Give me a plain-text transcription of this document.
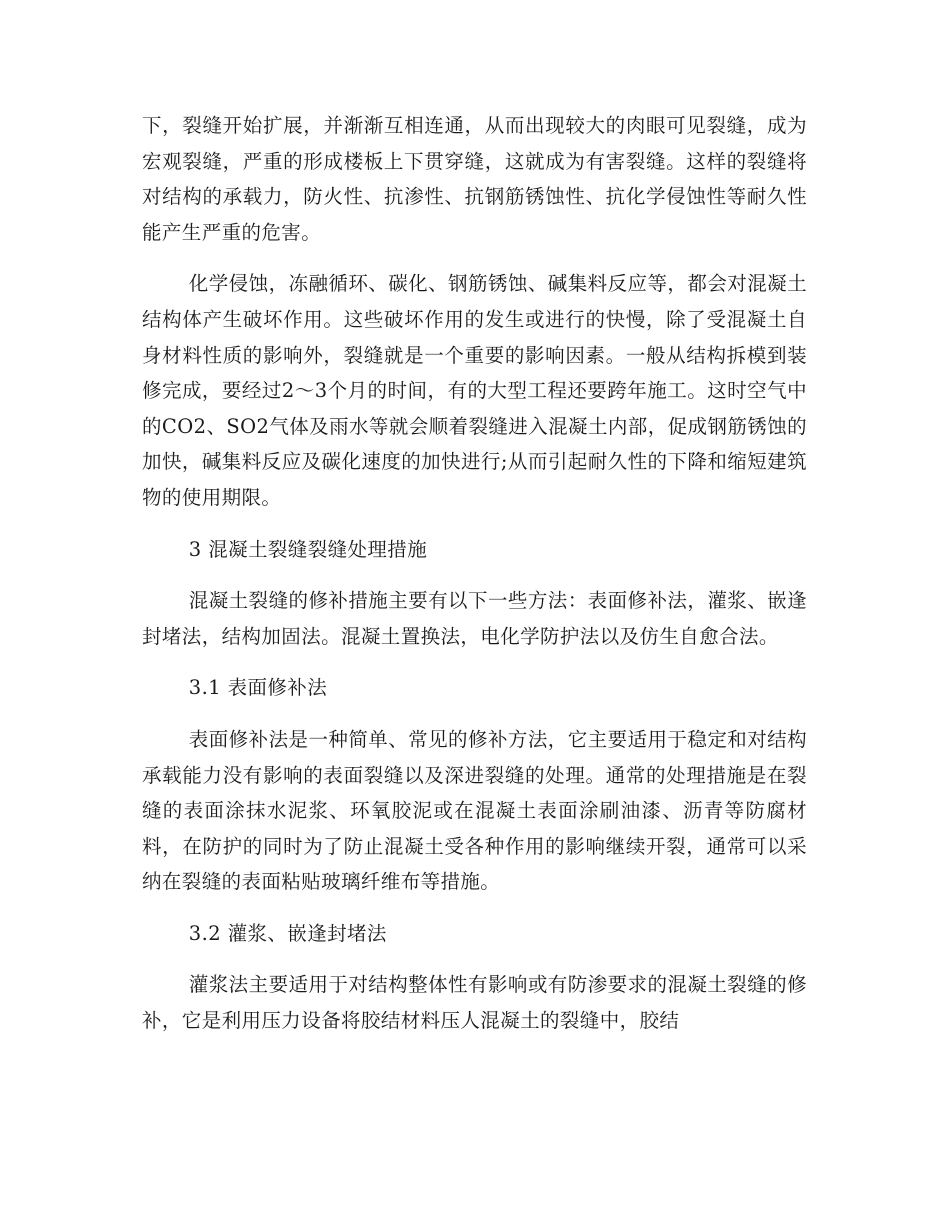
下，裂缝开始扩展，并渐渐互相连通，从而出现较大的肉眼可见裂缝，成为宏观裂缝，严重的形成楼板上下贯穿缝，这就成为有害裂缝。这样的裂缝将对结构的承载力，防火性、抗渗性、抗钢筋锈蚀性、抗化学侵蚀性等耐久性能产生严重的危害。

化学侵蚀，冻融循环、碳化、钢筋锈蚀、碱集料反应等，都会对混凝土结构体产生破坏作用。这些破坏作用的发生或进行的快慢，除了受混凝土自身材料性质的影响外，裂缝就是一个重要的影响因素。一般从结构拆模到装修完成，要经过2～3个月的时间，有的大型工程还要跨年施工。这时空气中的CO2、SO2气体及雨水等就会顺着裂缝进入混凝土内部，促成钢筋锈蚀的加快，碱集料反应及碳化速度的加快进行;从而引起耐久性的下降和缩短建筑物的使用期限。

3 混凝土裂缝裂缝处理措施

混凝土裂缝的修补措施主要有以下一些方法：表面修补法，灌浆、嵌逢封堵法，结构加固法。混凝土置换法，电化学防护法以及仿生自愈合法。

3.1 表面修补法

表面修补法是一种简单、常见的修补方法，它主要适用于稳定和对结构承载能力没有影响的表面裂缝以及深进裂缝的处理。通常的处理措施是在裂缝的表面涂抹水泥浆、环氧胶泥或在混凝土表面涂刷油漆、沥青等防腐材料，在防护的同时为了防止混凝土受各种作用的影响继续开裂，通常可以采纳在裂缝的表面粘贴玻璃纤维布等措施。

3.2 灌浆、嵌逢封堵法

灌浆法主要适用于对结构整体性有影响或有防渗要求的混凝土裂缝的修补，它是利用压力设备将胶结材料压人混凝土的裂缝中，胶结
